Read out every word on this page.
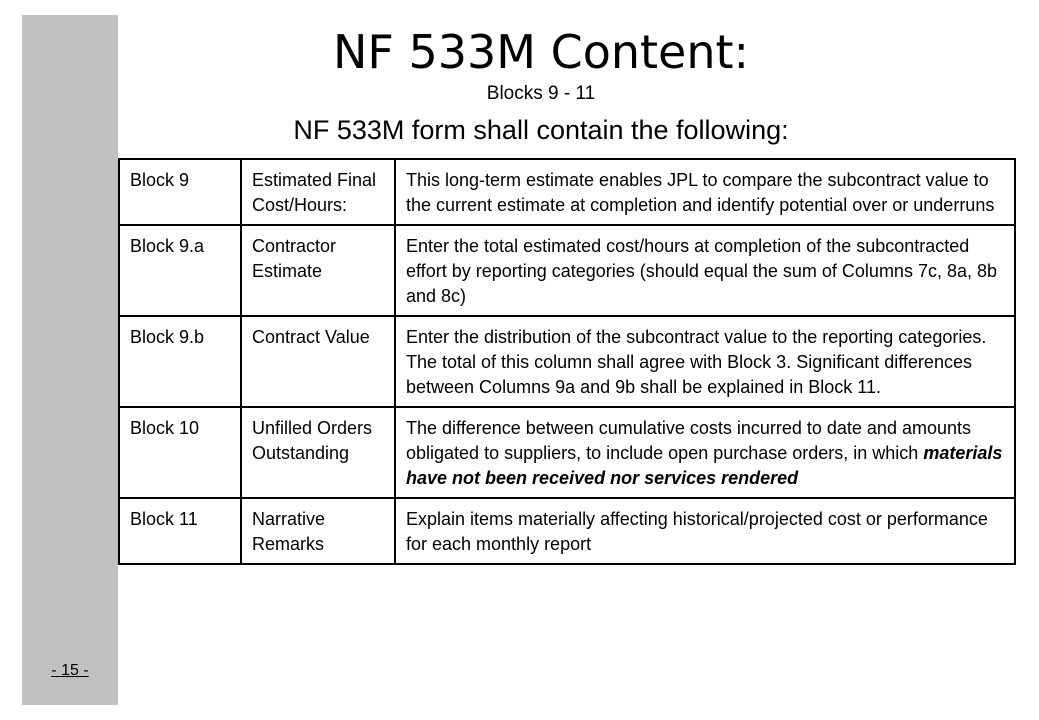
- 15 -
NF 533M Content:
Blocks 9 - 11
NF 533M form shall contain the following:
Block 9	Estimated Final Cost/Hours:	This long-term estimate enables JPL to compare the subcontract value to the current estimate at completion and identify potential over or underruns
Block 9.a	Contractor Estimate	Enter the total estimated cost/hours at completion of the subcontracted effort by reporting categories (should equal the sum of Columns 7c, 8a, 8b and 8c)
Block 9.b	Contract Value	Enter the distribution of the subcontract value to the reporting categories. The total of this column shall agree with Block 3. Significant differences between Columns 9a and 9b shall be explained in Block 11.
Block 10	Unfilled Orders Outstanding	The difference between cumulative costs incurred to date and amounts obligated to suppliers, to include open purchase orders, in which materials have not been received nor services rendered
Block 11	Narrative Remarks	Explain items materially affecting historical/projected cost or performance for each monthly report
